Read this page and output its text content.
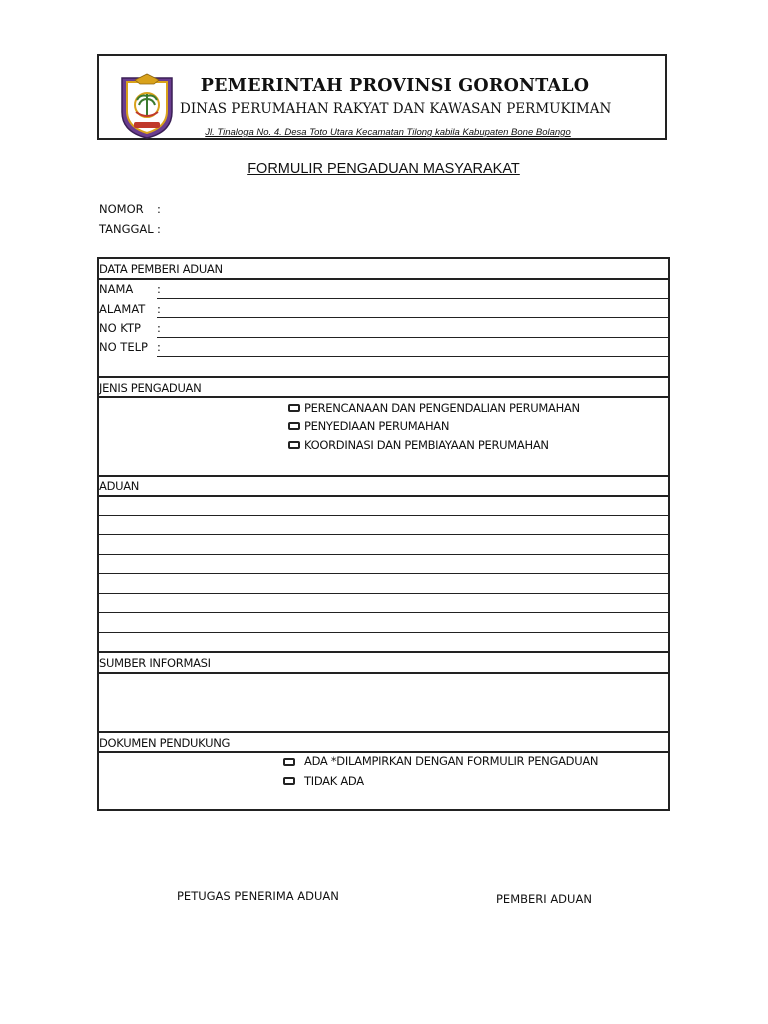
PEMERINTAH PROVINSI GORONTALO
DINAS PERUMAHAN RAKYAT DAN KAWASAN PERMUKIMAN
Jl. Tinaloga No. 4. Desa Toto Utara Kecamatan Tilong kabila Kabupaten Bone Bolango
FORMULIR PENGADUAN MASYARAKAT
NOMOR :
TANGGAL :
DATA PEMBERI ADUAN
NAMA :
ALAMAT :
NO KTP :
NO TELP :
JENIS PENGADUAN
PERENCANAAN DAN PENGENDALIAN PERUMAHAN
PENYEDIAAN PERUMAHAN
KOORDINASI DAN PEMBIAYAAN PERUMAHAN
ADUAN
SUMBER INFORMASI
DOKUMEN PENDUKUNG
ADA *DILAMPIRKAN DENGAN FORMULIR PENGADUAN
TIDAK ADA
PETUGAS PENERIMA ADUAN	PEMBERI ADUAN
